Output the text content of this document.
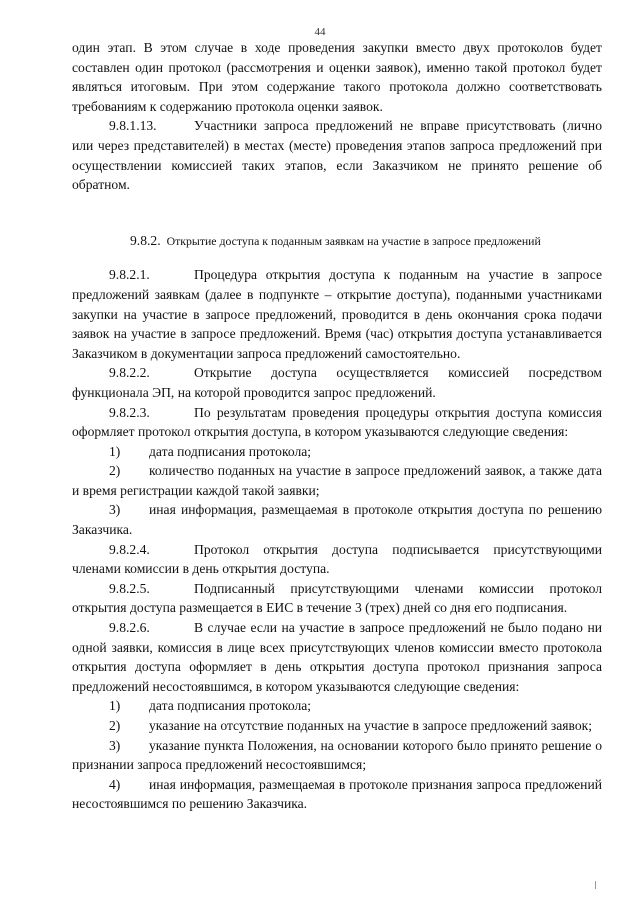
44

один этап. В этом случае в ходе проведения закупки вместо двух протоколов будет составлен один протокол (рассмотрения и оценки заявок), именно такой протокол будет являться итоговым. При этом содержание такого протокола должно соответствовать требованиям к содержанию протокола оценки заявок.

9.8.1.13.	Участники запроса предложений не вправе присутствовать (лично или через представителей) в местах (месте) проведения этапов запроса предложений при осуществлении комиссией таких этапов, если Заказчиком не принято решение об обратном.

9.8.2. Открытие доступа к поданным заявкам на участие в запросе предложений

9.8.2.1.	Процедура открытия доступа к поданным на участие в запросе предложений заявкам (далее в подпункте – открытие доступа), поданными участниками закупки на участие в запросе предложений, проводится в день окончания срока подачи заявок на участие в запросе предложений. Время (час) открытия доступа устанавливается Заказчиком в документации запроса предложений самостоятельно.

9.8.2.2.	Открытие доступа осуществляется комиссией посредством функционала ЭП, на которой проводится запрос предложений.

9.8.2.3.	По результатам проведения процедуры открытия доступа комиссия оформляет протокол открытия доступа, в котором указываются следующие сведения:

1) дата подписания протокола;

2) количество поданных на участие в запросе предложений заявок, а также дата и время регистрации каждой такой заявки;

3) иная информация, размещаемая в протоколе открытия доступа по решению Заказчика.

9.8.2.4.	Протокол открытия доступа подписывается присутствующими членами комиссии в день открытия доступа.

9.8.2.5.	Подписанный присутствующими членами комиссии протокол открытия доступа размещается в ЕИС в течение 3 (трех) дней со дня его подписания.

9.8.2.6.	В случае если на участие в запросе предложений не было подано ни одной заявки, комиссия в лице всех присутствующих членов комиссии вместо протокола открытия доступа оформляет в день открытия доступа протокол признания запроса предложений несостоявшимся, в котором указываются следующие сведения:

1) дата подписания протокола;

2) указание на отсутствие поданных на участие в запросе предложений заявок;

3) указание пункта Положения, на основании которого было принято решение о признании запроса предложений несостоявшимся;

4) иная информация, размещаемая в протоколе признания запроса предложений несостоявшимся по решению Заказчика.
